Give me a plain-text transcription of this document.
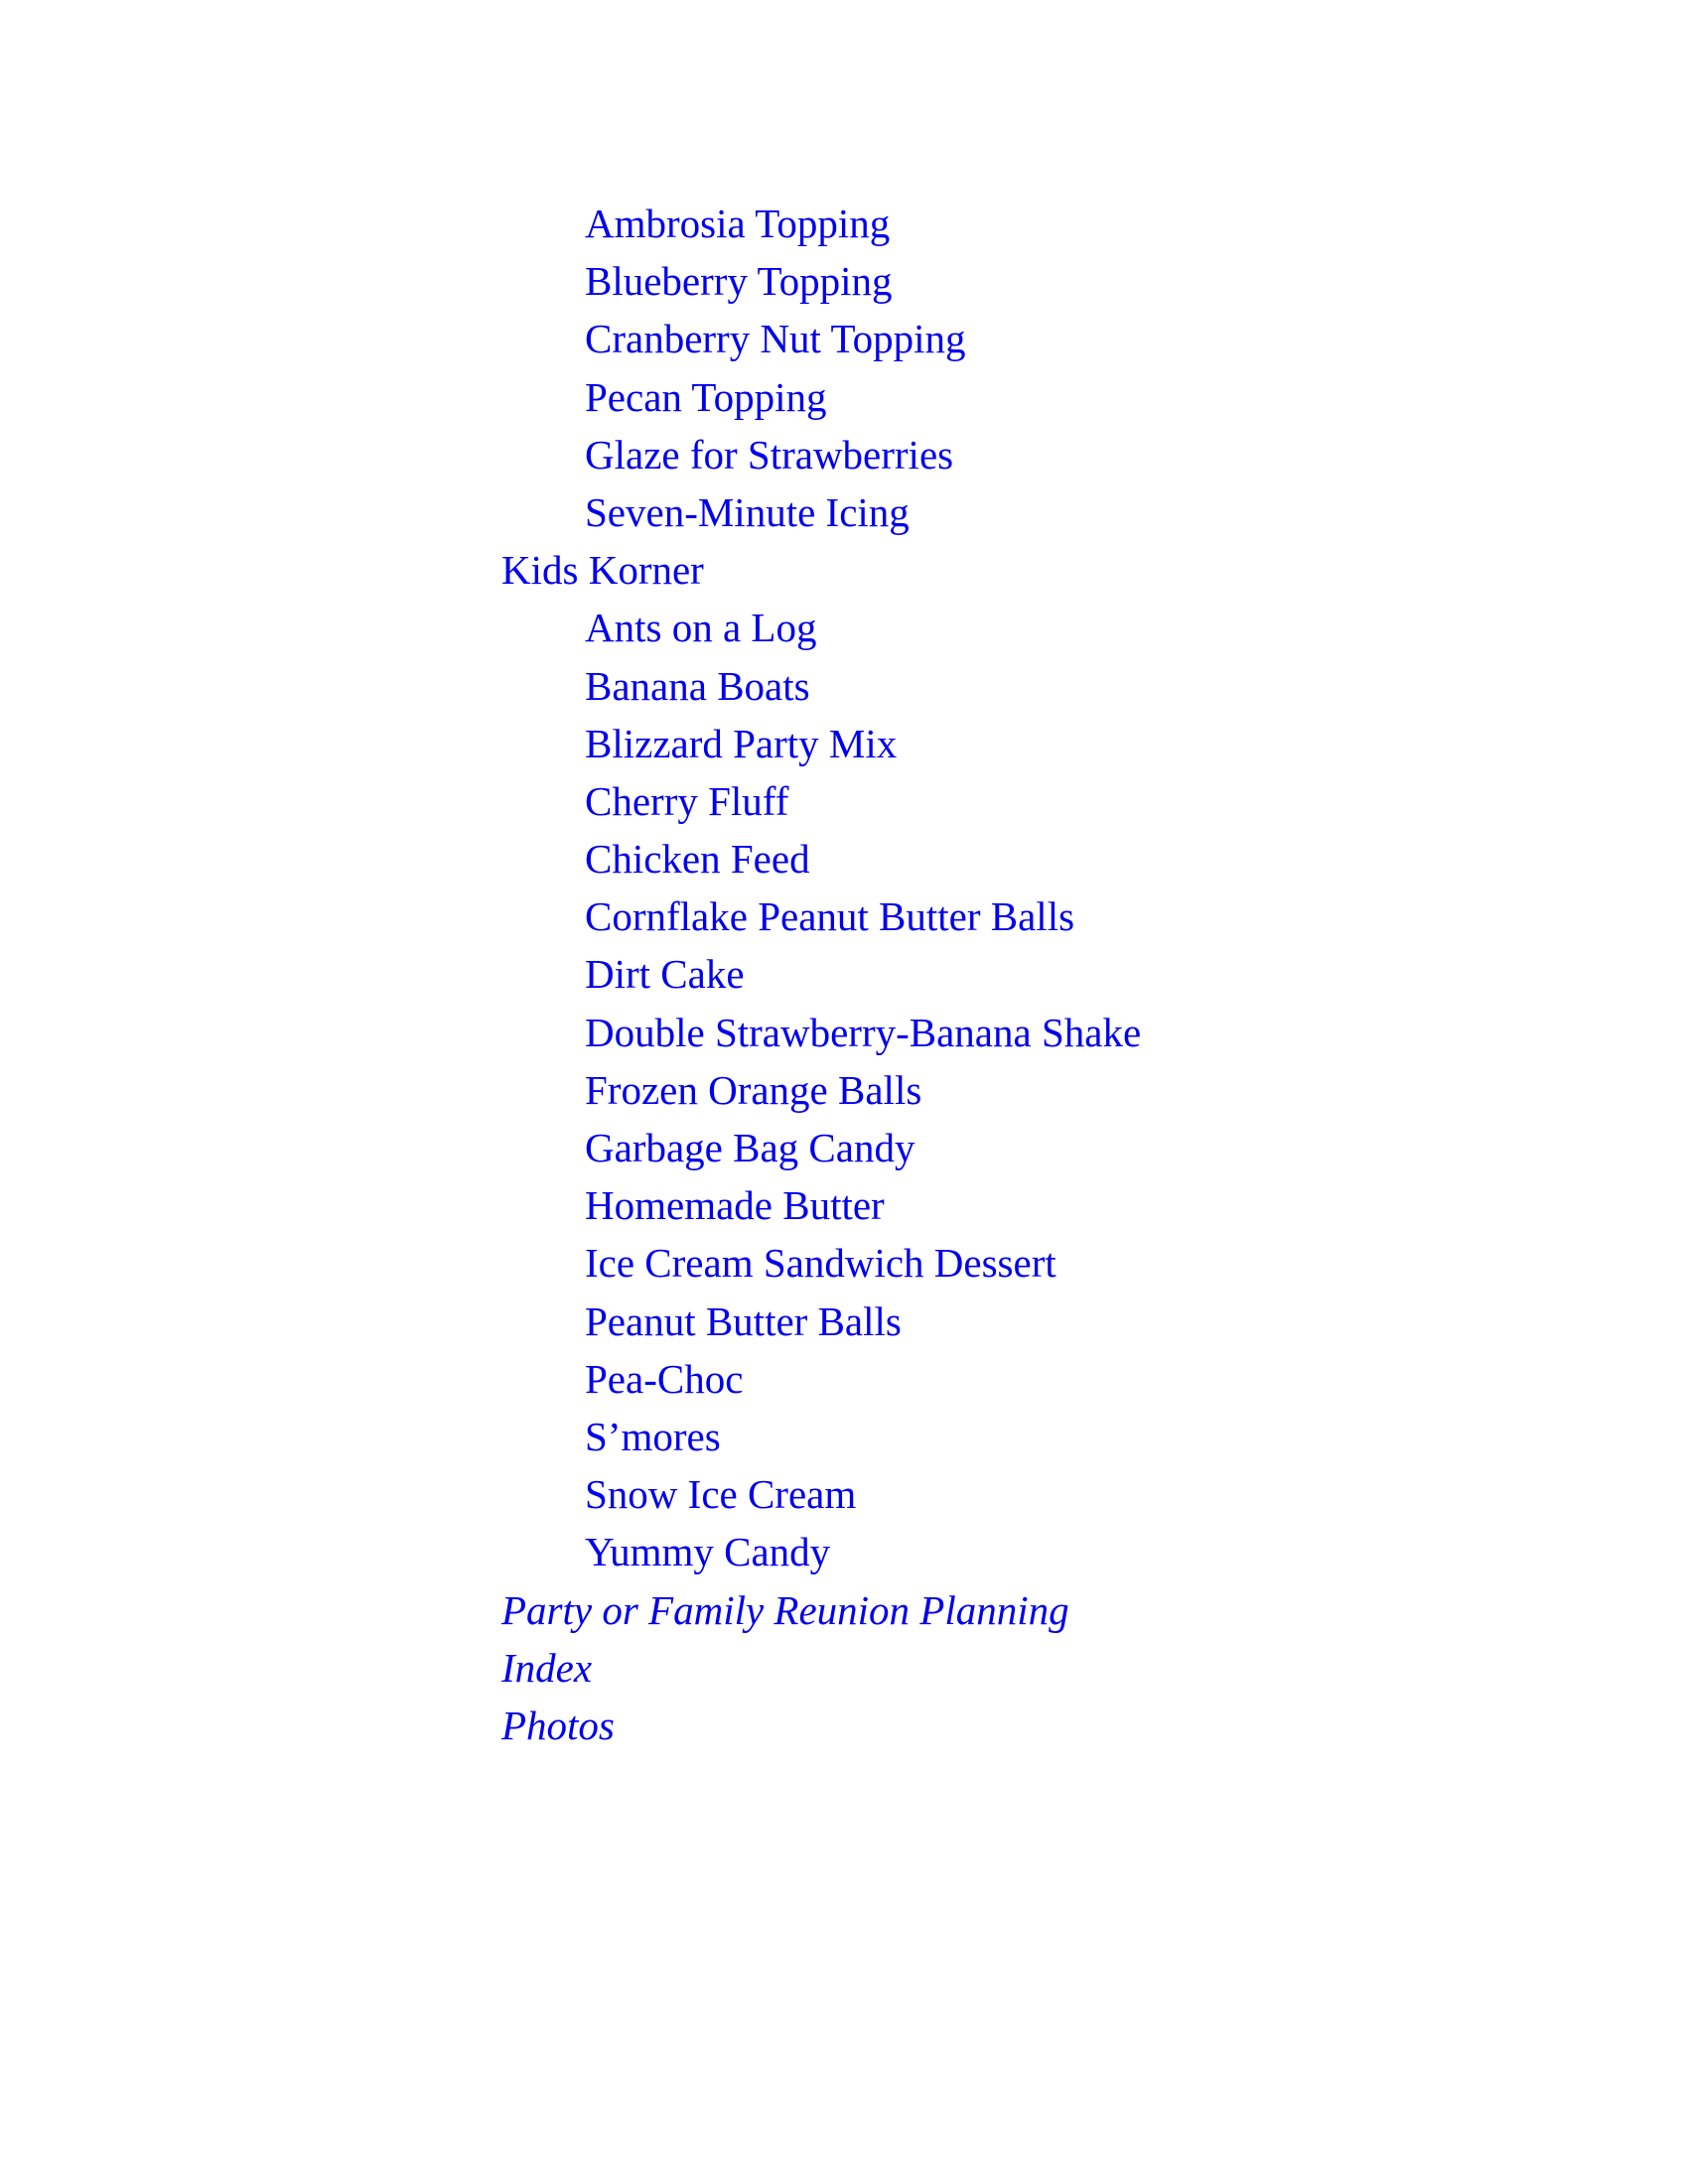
Ambrosia Topping
Blueberry Topping
Cranberry Nut Topping
Pecan Topping
Glaze for Strawberries
Seven-Minute Icing
Kids Korner
Ants on a Log
Banana Boats
Blizzard Party Mix
Cherry Fluff
Chicken Feed
Cornflake Peanut Butter Balls
Dirt Cake
Double Strawberry-Banana Shake
Frozen Orange Balls
Garbage Bag Candy
Homemade Butter
Ice Cream Sandwich Dessert
Peanut Butter Balls
Pea-Choc
S’mores
Snow Ice Cream
Yummy Candy
Party or Family Reunion Planning
Index
Photos
